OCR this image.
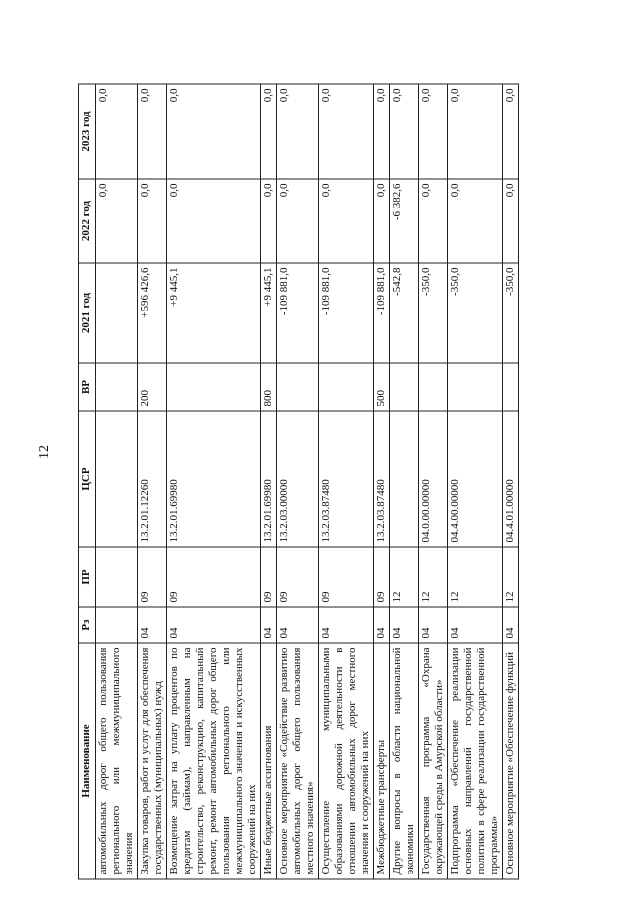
12
Наименование	Рз	ПР	ЦСР	ВР	2021 год	2022 год	2023 год
автомобильных дорог общего пользования регионального или межмуниципального значения						0,0	0,0
Закупка товаров, работ и услуг для обеспечения государственных (муниципальных) нужд	04	09	13.2.01.12260	200	+596 426,6	0,0	0,0
Возмещение затрат на уплату процентов по кредитам (займам), направленным на строительство, реконструкцию, капитальный ремонт, ремонт автомобильных дорог общего пользования регионального или межмуниципального значения и искусственных сооружений на них	04	09	13.2.01.69980		+9 445,1	0,0	0,0
Иные бюджетные ассигнования	04	09	13.2.01.69980	800	+9 445,1	0,0	0,0
Основное мероприятие «Содействие развитию автомобильных дорог общего пользования местного значения»	04	09	13.2.03.00000		-109 881,0	0,0	0,0
Осуществление муниципальными образованиями дорожной деятельности в отношении автомобильных дорог местного значения и сооружений на них	04	09	13.2.03.87480		-109 881,0	0,0	0,0
Межбюджетные трансферты	04	09	13.2.03.87480	500	-109 881,0	0,0	0,0
Другие вопросы в области национальной экономики	04	12			-542,8	-6 382,6	0,0
Государственная программа «Охрана окружающей среды в Амурской области»	04	12	04.0.00.00000		-350,0	0,0	0,0
Подпрограмма «Обеспечение реализации основных направлений государственной политики в сфере реализации государственной программы»	04	12	04.4.00.00000		-350,0	0,0	0,0
Основное мероприятие «Обеспечение функций	04	12	04.4.01.00000		-350,0	0,0	0,0
